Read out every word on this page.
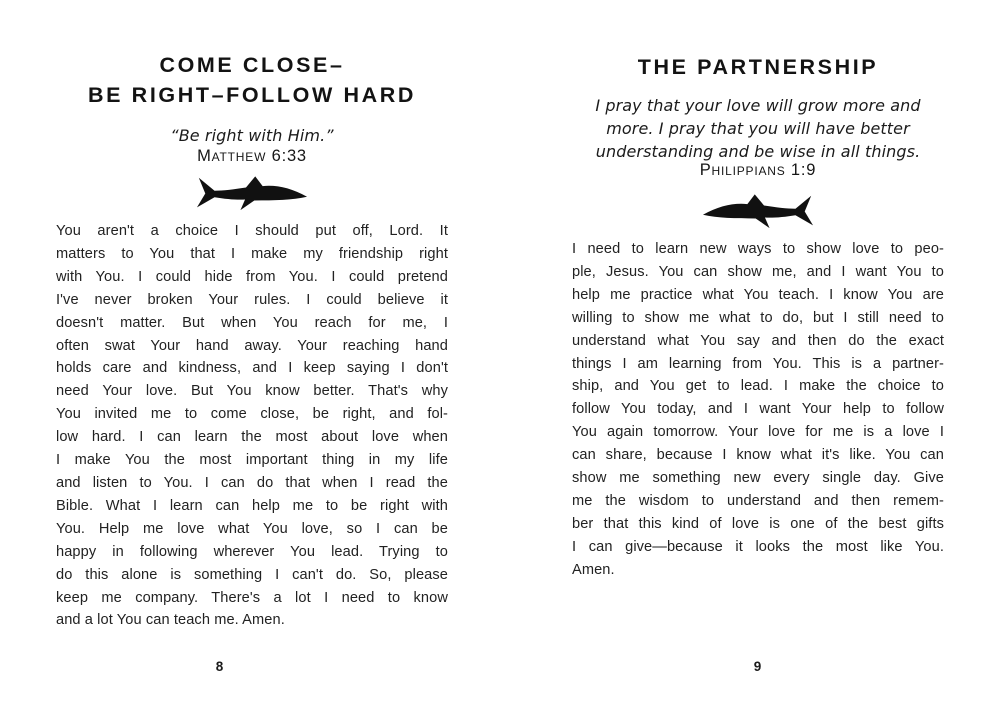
COME CLOSE–
BE RIGHT–FOLLOW HARD

“Be right with Him.”

Matthew 6:33

You aren't a choice I should put off, Lord. It
matters to You that I make my friendship right
with You. I could hide from You. I could pretend
I've never broken Your rules. I could believe it
doesn't matter. But when You reach for me, I
often swat Your hand away. Your reaching hand
holds care and kindness, and I keep saying I don't
need Your love. But You know better. That's why
You invited me to come close, be right, and fol-
low hard. I can learn the most about love when
I make You the most important thing in my life
and listen to You. I can do that when I read the
Bible. What I learn can help me to be right with
You. Help me love what You love, so I can be
happy in following wherever You lead. Trying to
do this alone is something I can't do. So, please
keep me company. There's a lot I need to know
and a lot You can teach me. Amen.
8
THE PARTNERSHIP
I pray that your love will grow more and
more. I pray that you will have better
understanding and be wise in all things.

Philippians 1:9

I need to learn new ways to show love to peo-
ple, Jesus. You can show me, and I want You to
help me practice what You teach. I know You are
willing to show me what to do, but I still need to
understand what You say and then do the exact
things I am learning from You. This is a partner-
ship, and You get to lead. I make the choice to
follow You today, and I want Your help to follow
You again tomorrow. Your love for me is a love I
can share, because I know what it's like. You can
show me something new every single day. Give
me the wisdom to understand and then remem-
ber that this kind of love is one of the best gifts
I can give—because it looks the most like You.
Amen.
9
